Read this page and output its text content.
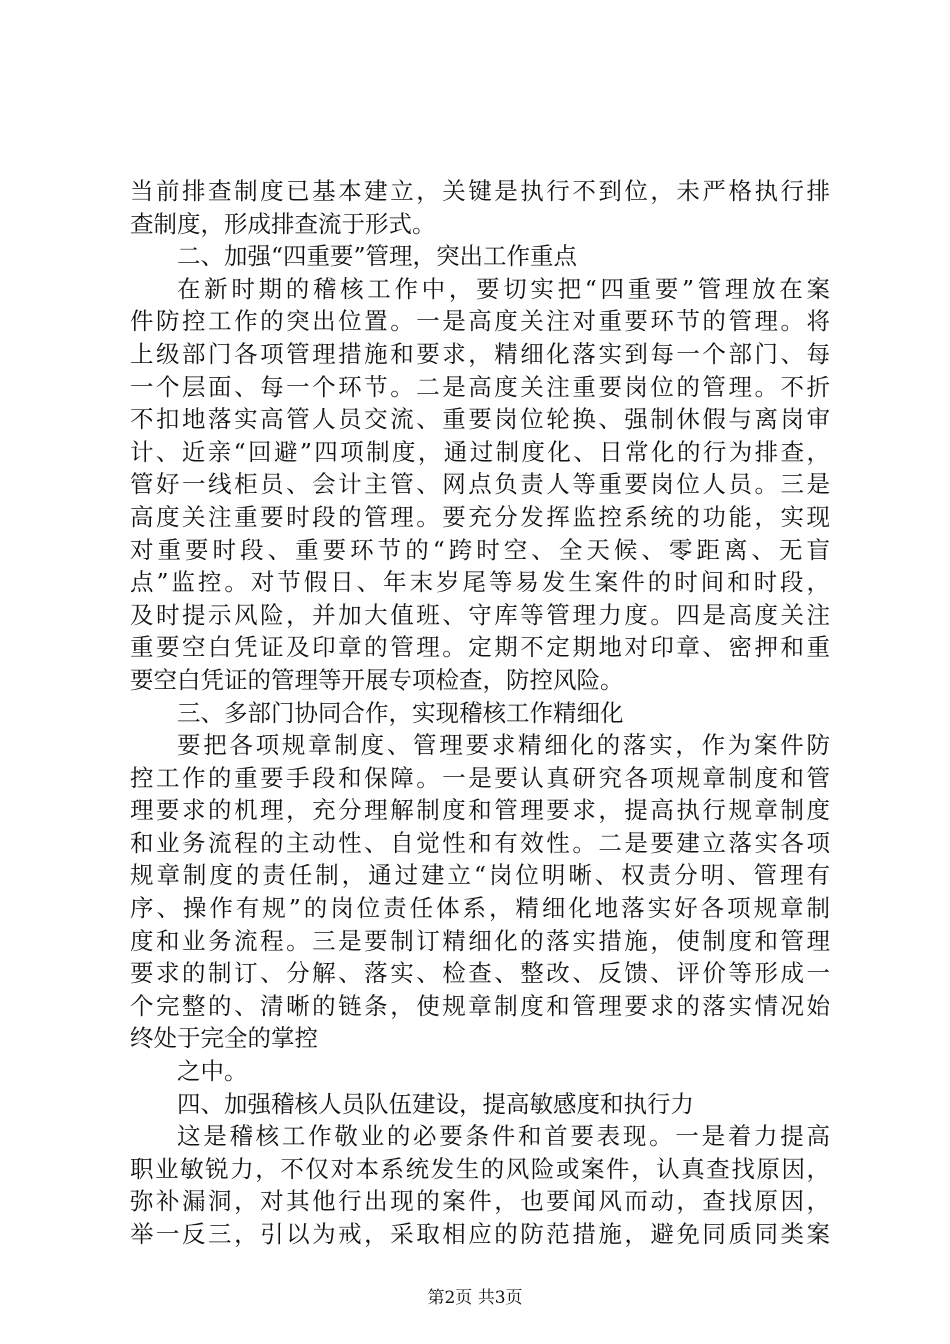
当前排查制度已基本建立，关键是执行不到位，未严格执行排
查制度，形成排查流于形式。
二、加强“四重要”管理，突出工作重点
在新时期的稽核工作中，要切实把“四重要”管理放在案
件防控工作的突出位置。一是高度关注对重要环节的管理。将
上级部门各项管理措施和要求，精细化落实到每一个部门、每
一个层面、每一个环节。二是高度关注重要岗位的管理。不折
不扣地落实高管人员交流、重要岗位轮换、强制休假与离岗审
计、近亲“回避”四项制度，通过制度化、日常化的行为排查，
管好一线柜员、会计主管、网点负责人等重要岗位人员。三是
高度关注重要时段的管理。要充分发挥监控系统的功能，实现
对重要时段、重要环节的“跨时空、全天候、零距离、无盲
点”监控。对节假日、年末岁尾等易发生案件的时间和时段，
及时提示风险，并加大值班、守库等管理力度。四是高度关注
重要空白凭证及印章的管理。定期不定期地对印章、密押和重
要空白凭证的管理等开展专项检查，防控风险。
三、多部门协同合作，实现稽核工作精细化
要把各项规章制度、管理要求精细化的落实，作为案件防
控工作的重要手段和保障。一是要认真研究各项规章制度和管
理要求的机理，充分理解制度和管理要求，提高执行规章制度
和业务流程的主动性、自觉性和有效性。二是要建立落实各项
规章制度的责任制，通过建立“岗位明晰、权责分明、管理有
序、操作有规”的岗位责任体系，精细化地落实好各项规章制
度和业务流程。三是要制订精细化的落实措施，使制度和管理
要求的制订、分解、落实、检查、整改、反馈、评价等形成一
个完整的、清晰的链条，使规章制度和管理要求的落实情况始
终处于完全的掌控
之中。
四、加强稽核人员队伍建设，提高敏感度和执行力
这是稽核工作敬业的必要条件和首要表现。一是着力提高
职业敏锐力，不仅对本系统发生的风险或案件，认真查找原因，
弥补漏洞，对其他行出现的案件，也要闻风而动，查找原因，
举一反三，引以为戒，采取相应的防范措施，避免同质同类案
第2页 共3页
